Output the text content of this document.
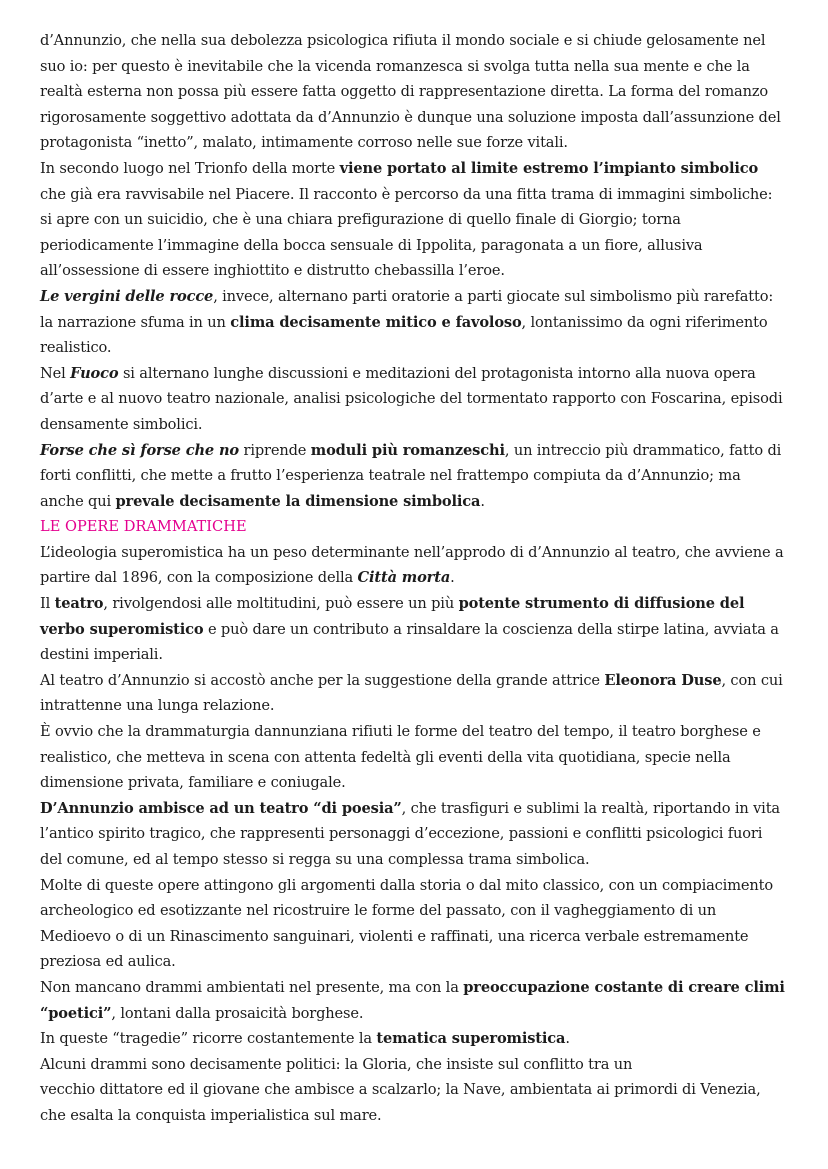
d’Annunzio, che nella sua debolezza psicologica rifiuta il mondo sociale e si chiude gelosamente nel suo io: per questo è inevitabile che la vicenda romanzesca si svolga tutta nella sua mente e che la realtà esterna non possa più essere fatta oggetto di rappresentazione diretta. La forma del romanzo rigorosamente soggettivo adottata da d’Annunzio è dunque una soluzione imposta dall’assunzione del protagonista “inetto”, malato, intimamente corroso nelle sue forze vitali.

In secondo luogo nel Trionfo della morte viene portato al limite estremo l’impianto simbolico che già era ravvisabile nel Piacere. Il racconto è percorso da una fitta trama di immagini simboliche: si apre con un suicidio, che è una chiara prefigurazione di quello finale di Giorgio; torna periodicamente l’immagine della bocca sensuale di Ippolita, paragonata a un fiore, allusiva all’ossessione di essere inghiottito e distrutto chebassilla l’eroe.

Le vergini delle rocce, invece, alternano parti oratorie a parti giocate sul simbolismo più rarefatto: la narrazione sfuma in un clima decisamente mitico e favoloso, lontanissimo da ogni riferimento realistico.

Nel Fuoco si alternano lunghe discussioni e meditazioni del protagonista intorno alla nuova opera d’arte e al nuovo teatro nazionale, analisi psicologiche del tormentato rapporto con Foscarina, episodi densamente simbolici.

Forse che sì forse che no riprende moduli più romanzeschi, un intreccio più drammatico, fatto di forti conflitti, che mette a frutto l’esperienza teatrale nel frattempo compiuta da d’Annunzio; ma anche qui prevale decisamente la dimensione simbolica.

LE OPERE DRAMMATICHE

L’ideologia superomistica ha un peso determinante nell’approdo di d’Annunzio al teatro, che avviene a partire dal 1896, con la composizione della Città morta.

Il teatro, rivolgendosi alle moltitudini, può essere un più potente strumento di diffusione del verbo superomistico e può dare un contributo a rinsaldare la coscienza della stirpe latina, avviata a destini imperiali.

Al teatro d’Annunzio si accostò anche per la suggestione della grande attrice Eleonora Duse, con cui intrattenne una lunga relazione.

È ovvio che la drammaturgia dannunziana rifiuti le forme del teatro del tempo, il teatro borghese e realistico, che metteva in scena con attenta fedeltà gli eventi della vita quotidiana, specie nella dimensione privata, familiare e coniugale.

D’Annunzio ambisce ad un teatro “di poesia”, che trasfiguri e sublimi la realtà, riportando in vita l’antico spirito tragico, che rappresenti personaggi d’eccezione, passioni e conflitti psicologici fuori del comune, ed al tempo stesso si regga su una complessa trama simbolica.

Molte di queste opere attingono gli argomenti dalla storia o dal mito classico, con un compiacimento archeologico ed esotizzante nel ricostruire le forme del passato, con il vagheggiamento di un Medioevo o di un Rinascimento sanguinari, violenti e raffinati, una ricerca verbale estremamente preziosa ed aulica.

Non mancano drammi ambientati nel presente, ma con la preoccupazione costante di creare climi “poetici”, lontani dalla prosaicità borghese.

In queste “tragedie” ricorre costantemente la tematica superomistica.

Alcuni drammi sono decisamente politici: la Gloria, che insiste sul conflitto tra un
vecchio dittatore ed il giovane che ambisce a scalzarlo; la Nave, ambientata ai primordi di Venezia, che esalta la conquista imperialistica sul mare.
